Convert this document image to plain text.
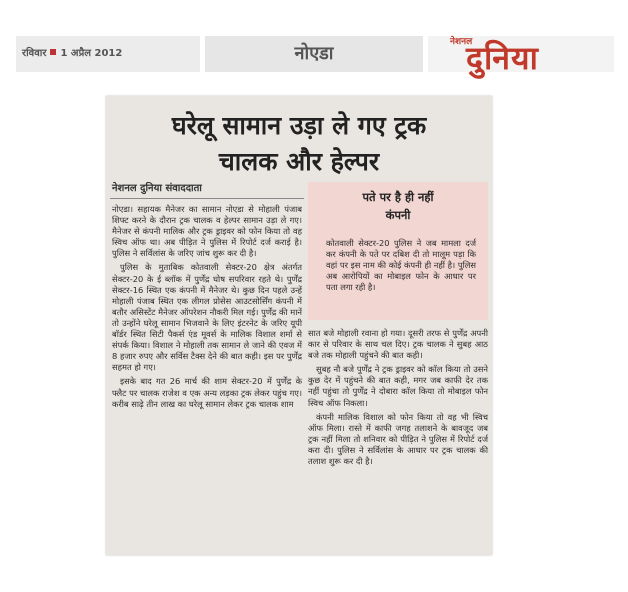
रविवार 1 अप्रैल 2012	नोएडा
नेशनल
दुनिया
घरेलू सामान उड़ा ले गए ट्रक
चालक और हेल्पर
नेशनल दुनिया संवाददाता

नोएडा। सहायक मैनेजर का सामान नोएडा से मोहाली पंजाब शिफ्ट करने के दौरान ट्रक चालक व हेल्पर सामान उड़ा ले गए। मैनेजर से कंपनी मालिक और ट्रक ड्राइवर को फोन किया तो वह स्विच ऑफ था। अब पीड़ित ने पुलिस में रिपोर्ट दर्ज कराई है। पुलिस ने सर्विलांस के जरिए जांच शुरू कर दी है।

पुलिस के मुताबिक कोतवाली सेक्टर-20 क्षेत्र अंतर्गत सेक्टर-20 के ई ब्लॉक में पुर्णेंद्र घोष सपरिवार रहते थे। पुर्णेंद्र सेक्टर-16 स्थित एक कंपनी में मैनेजर थे। कुछ दिन पहले उन्हें मोहाली पंजाब स्थित एक लीगल प्रोसेस आउटसोर्सिंग कंपनी में बतौर असिस्टेंट मैनेजर ऑपरेशन नौकरी मिल गई। पुर्णेंद्र की मानें तो उन्होंने घरेलू सामान भिजवाने के लिए इंटरनेट के जरिए यूपी बॉर्डर स्थित सिटी पैकर्स एंड मूवर्स के मालिक विशाल शर्मा से संपर्क किया। विशाल ने मोहाली तक सामान ले जाने की एवज में 8 हजार रुपए और सर्विस टैक्स देने की बात कही। इस पर पुर्णेंद्र सहमत हो गए।

इसके बाद गत 26 मार्च की शाम सेक्टर-20 में पुर्णेंद्र के फ्लैट पर चालक राजेश व एक अन्य लड़का ट्रक लेकर पहुंच गए। करीब साढ़े तीन लाख का घरेलू सामान लेकर ट्रक चालक शाम

पते पर है ही नहीं
कंपनी
कोतवाली सेक्टर-20 पुलिस ने जब मामला दर्ज कर कंपनी के पते पर दबिश दी तो मालूम पड़ा कि वहां पर इस नाम की कोई कंपनी ही नहीं है। पुलिस अब आरोपियों का मोबाइल फोन के आधार पर पता लगा रही है।

सात बजे मोहाली रवाना हो गया। दूसरी तरफ से पुर्णेंद्र अपनी कार से परिवार के साथ चल दिए। ट्रक चालक ने सुबह आठ बजे तक मोहाली पहुंचने की बात कही।

सुबह नौ बजे पुर्णेंद्र ने ट्रक ड्राइवर को कॉल किया तो उसने कुछ देर में पहुंचने की बात कही, मगर जब काफी देर तक नहीं पहुंचा तो पुर्णेंद्र ने दोबारा कॉल किया तो मोबाइल फोन स्विच ऑफ निकला।

कंपनी मालिक विशाल को फोन किया तो वह भी स्विच ऑफ मिला। रास्ते में काफी जगह तलाशने के बावजूद जब ट्रक नहीं मिला तो शनिवार को पीड़ित ने पुलिस में रिपोर्ट दर्ज करा दी। पुलिस ने सर्विलांस के आधार पर ट्रक चालक की तलाश शुरू कर दी है।
